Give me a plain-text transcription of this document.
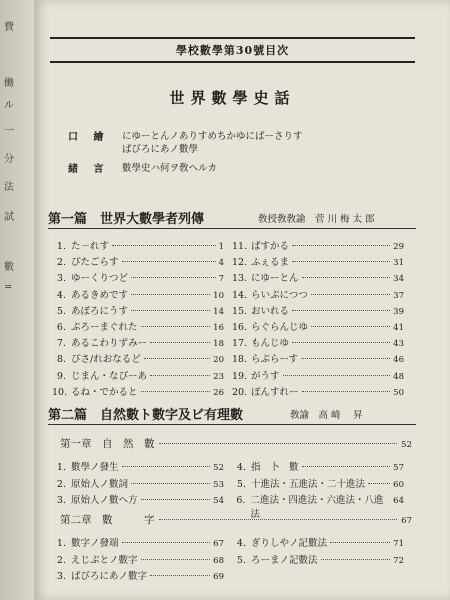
費
働
ル
一
分
法
試
數
=
學校數學第30號目次
世界數學史話
口 繪 にゆーとんノありすめちかゆにばーさりす
ばびろにあノ數學
緒 言 數學史ハ何ヲ敎ヘルカ
第一篇　世界大數學者列傳	敎授敎敎諭　菅 川 梅 太 郎
1. た－れす	1
2. ぴたごらす	4
3. ゆーくりつど	7
4. あるきめです	10
5. あぽろにうす	14
6. ぷろーまぐれた	16
7. あるこわりずみー	18
8. ぴさ/れおなるど	20
9. じまん・なぴーあ	23
10. るね・でかると	26
11. ぱすかる	29
12. ふぇるま	31
13. にゆーとん	34
14. らいぷにつつ	37
15. おいれる	39
16. らぐらんじゆ	41
17. もんじゆ	43
18. らぷらーす	46
19. がうす	48
20. ぽんすれー	50
第二篇　自然數ト數字及ビ有理數	敎諭　高 崎　 昇
第一章　自　然　數	52
1. 數學ノ發生	52
2. 原始人ノ數詞	53
3. 原始人ノ數ヘ方	54
4. 指　卜　數	57
5. 十進法・五進法・二十進法	60
6. 二進法・四進法・六進法・八進法
64
第二章　數　　　字	67
1. 數字ノ發端	67
2. えじぷとノ數字	68
3. ばびろにあノ數字	69
4. ぎりしやノ記數法	71
5. ろーまノ記數法	72
